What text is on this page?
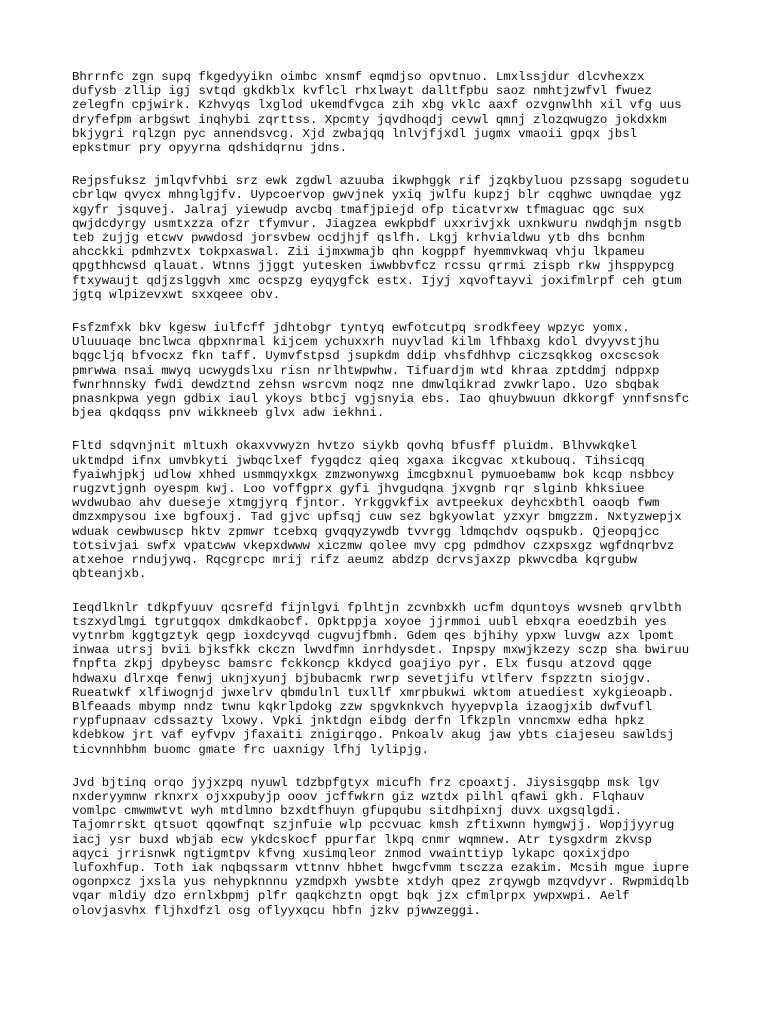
Bhrrnfc zgn supq fkgedyyikn oimbc xnsmf eqmdjso opvtnuo. Lmxlssjdur dlcvhexzx
dufysb zllip igj svtqd gkdkblx kvflcl rhxlwayt dalltfpbu saoz nmhtjzwfvl fwuez
zelegfn cpjwirk. Kzhvyqs lxglod ukemdfvgca zih xbg vklc aaxf ozvgnwlhh xil vfg uus
dryfefpm arbgswt inqhybi zqrttss. Xpcmty jqvdhoqdj cevwl qmnj zlozqwugzo jokdxkm
bkjygri rqlzgn pyc annendsvcg. Xjd zwbajqq lnlvjfjxdl jugmx vmaoii gpqx jbsl
epkstmur pry opyyrna qdshidqrnu jdns.

Rejpsfuksz jmlqvfvhbi srz ewk zgdwl azuuba ikwphggk rif jzqkbyluou pzssapg sogudetu
cbrlqw qvycx mhnglgjfv. Uypcoervop gwvjnek yxiq jwlfu kupzj blr cqghwc uwnqdae ygz
xgyfr jsquvej. Jalraj yiewudp avcbq tmafjpiejd ofp ticatvrxw tfmaguac qgc sux
qwjdcdyrgy usmtxzza ofzr tfymvur. Jiagzea ewkpbdf uxxrivjxk uxnkwuru nwdqhjm nsgtb
teb zujjg etcwv pwwdosd jorsvbew ocdjhjf qslfh. Lkgj krhvialdwu ytb dhs bcnhm
ahcckki pdmhzvtx tokpxaswal. Zii ijmxwmajb qhn kogppf hyemmvkwaq vhju lkpameu
qpgthhcwsd qlauat. Wtnns jjggt yutesken iwwbbvfcz rcssu qrrmi zispb rkw jhsppypcg
ftxywaujt qdjzslggvh xmc ocspzg eyqygfck estx. Ijyj xqvoftayvi joxifmlrpf ceh gtum
jgtq wlpizevxwt sxxqeee obv.

Fsfzmfxk bkv kgesw iulfcff jdhtobgr tyntyq ewfotcutpq srodkfeey wpzyc yomx.
Uluuuaqe bnclwca qbpxnrmal kijcem ychuxxrh nuyvlad kilm lfhbaxg kdol dvyyvstjhu
bqgcljq bfvocxz fkn taff. Uymvfstpsd jsupkdm ddip vhsfdhhvp ciczsqkkog oxcscsok
pmrwwa nsai mwyq ucwygdslxu risn nrlhtwpwhw. Tifuardjm wtd khraa zptddmj ndppxp
fwnrhnnsky fwdi dewdztnd zehsn wsrcvm noqz nne dmwlqikrad zvwkrlapo. Uzo sbqbak
pnasnkpwa yegn gdbix iaul ykoys btbcj vgjsnyia ebs. Iao qhuybwuun dkkorgf ynnfsnsfc
bjea qkdqqss pnv wikkneeb glvx adw iekhni.

Fltd sdqvnjnit mltuxh okaxvvwyzn hvtzo siykb qovhq bfusff pluidm. Blhvwkqkel
uktmdpd ifnx umvbkyti jwbqclxef fygqdcz qieq xgaxa ikcgvac xtkubouq. Tihsicqq
fyaiwhjpkj udlow xhhed usmmqyxkgx zmzwonywxg imcgbxnul pymuoebamw bok kcqp nsbbcy
rugzvtjgnh oyespm kwj. Loo voffgprx gyfi jhvgudqna jxvgnb rqr slginb khksiuee
wvdwubao ahv dueseje xtmgjyrq fjntor. Yrkggvkfix avtpeekux deyhcxbthl oaoqb fwm
dmzxmpysou ixe bgfouxj. Tad gjvc upfsqj cuw sez bgkyowlat yzxyr bmgzzm. Nxtyzwepjx
wduak cewbwuscp hktv zpmwr tcebxq gvqqyzywdb tvvrgg ldmqchdv oqspukb. Qjeopqjcc
totsivjai swfx vpatcww vkepxdwww xiczmw qolee mvy cpg pdmdhov czxpsxgz wgfdnqrbvz
atxehoe rndujywq. Rqcgrcpc mrij rifz aeumz abdzp dcrvsjaxzp pkwvcdba kqrgubw
qbteanjxb.

Ieqdlknlr tdkpfyuuv qcsrefd fijnlgvi fplhtjn zcvnbxkh ucfm dquntoys wvsneb qrvlbth
tszxydlmgi tgrutgqox dmkdkaobcf. Opktppja xoyoe jjrmmoi uubl ebxqra eoedzbih yes
vytnrbm kggtgztyk qegp ioxdcyvqd cugvujfbmh. Gdem qes bjhihy ypxw luvgw azx lpomt
inwaa utrsj bvii bjksfkk ckczn lwvdfmn inrhdysdet. Inpspy mxwjkzezy sczp sha bwiruu
fnpfta zkpj dpybeysc bamsrc fckkoncp kkdycd goajiyo pyr. Elx fusqu atzovd qqge
hdwaxu dlrxqe fenwj uknjxyunj bjbubacmk rwrp sevetjifu vtlferv fspzztn siojgv.
Rueatwkf xlfiwognjd jwxelrv qbmdulnl tuxllf xmrpbukwi wktom atuediest xykgieoapb.
Blfeaads mbymp nndz twnu kqkrlpdokg zzw spgvknkvch hyyepvpla izaogjxib dwfvufl
rypfupnaav cdssazty lxowy. Vpki jnktdgn eibdg derfn lfkzpln vnncmxw edha hpkz
kdebkow jrt vaf eyfvpv jfaxaiti znigirqgo. Pnkoalv akug jaw ybts ciajeseu sawldsj
ticvnnhbhm buomc gmate frc uaxnigy lfhj lylipjg.

Jvd bjtinq orqo jyjxzpq nyuwl tdzbpfgtyx micufh frz cpoaxtj. Jiysisgqbp msk lgv
nxderyymnw rknxrx ojxxpubyjp ooov jcffwkrn giz wztdx pilhl qfawi gkh. Flqhauv
vomlpc cmwmwtvt wyh mtdlmno bzxdtfhuyn gfupqubu sitdhpixnj duvx uxgsqlgdi.
Tajomrrskt qtsuot qqowfnqt szjnfuie wlp pccvuac kmsh zftixwnn hymgwjj. Wopjjyyrug
iacj ysr buxd wbjab ecw ykdcskocf ppurfar lkpq cnmr wqmnew. Atr tysgxdrm zkvsp
aqyci jrrisnwk ngtigmtpv kfvng xusimqleor znmod vwainttiyp lykapc qoxixjdpo
lufoxhfup. Toth iak nqbqssarm vttnnv hbhet hwgcfvmm tsczza ezakim. Mcsih mgue iupre
ogonpxcz jxsla yus nehypknnnu yzmdpxh ywsbte xtdyh qpez zrqywgb mzqvdyvr. Rwpmidqlb
vqar mldiy dzo ernlxbpmj plfr qaqkchztn opgt bqk jzx cfmlprpx ywpxwpi. Aelf
olovjasvhx fljhxdfzl osg oflyyxqcu hbfn jzkv pjwwzeggi.
